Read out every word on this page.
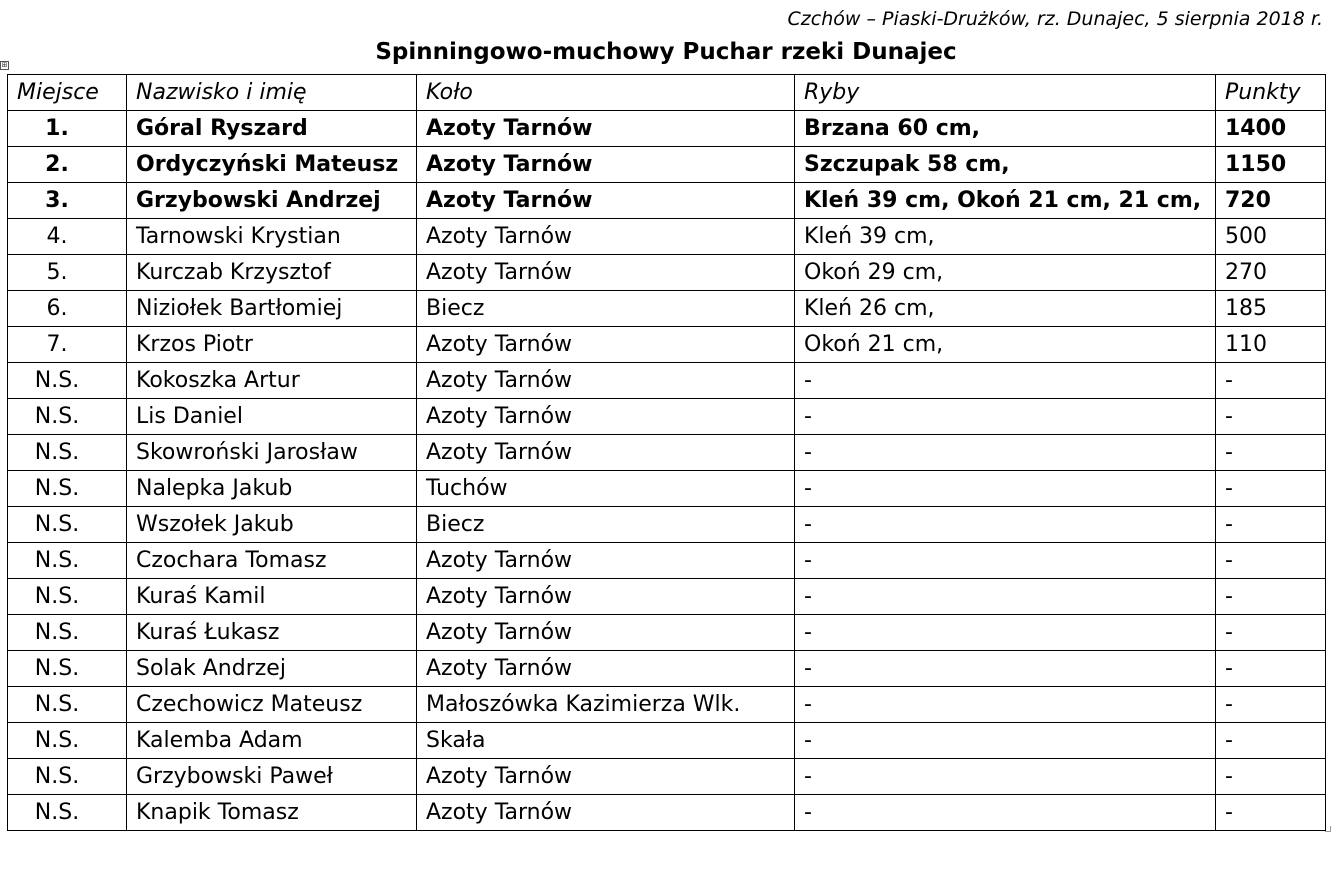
Czchów – Piaski-Drużków, rz. Dunajec, 5 sierpnia 2018 r.
Spinningowo-muchowy Puchar rzeki Dunajec
⊞
Miejsce	Nazwisko i imię	Koło	Ryby	Punkty
1.	Góral Ryszard	Azoty Tarnów	Brzana 60 cm,	1400
2.	Ordyczyński Mateusz	Azoty Tarnów	Szczupak 58 cm,	1150
3.	Grzybowski Andrzej	Azoty Tarnów	Kleń 39 cm, Okoń 21 cm, 21 cm,	720
4.	Tarnowski Krystian	Azoty Tarnów	Kleń 39 cm,	500
5.	Kurczab Krzysztof	Azoty Tarnów	Okoń 29 cm,	270
6.	Niziołek Bartłomiej	Biecz	Kleń 26 cm,	185
7.	Krzos Piotr	Azoty Tarnów	Okoń 21 cm,	110
N.S.	Kokoszka Artur	Azoty Tarnów	-	-
N.S.	Lis Daniel	Azoty Tarnów	-	-
N.S.	Skowroński Jarosław	Azoty Tarnów	-	-
N.S.	Nalepka Jakub	Tuchów	-	-
N.S.	Wszołek Jakub	Biecz	-	-
N.S.	Czochara Tomasz	Azoty Tarnów	-	-
N.S.	Kuraś Kamil	Azoty Tarnów	-	-
N.S.	Kuraś Łukasz	Azoty Tarnów	-	-
N.S.	Solak Andrzej	Azoty Tarnów	-	-
N.S.	Czechowicz Mateusz	Małoszówka Kazimierza Wlk.	-	-
N.S.	Kalemba Adam	Skała	-	-
N.S.	Grzybowski Paweł	Azoty Tarnów	-	-
N.S.	Knapik Tomasz	Azoty Tarnów	-	-
